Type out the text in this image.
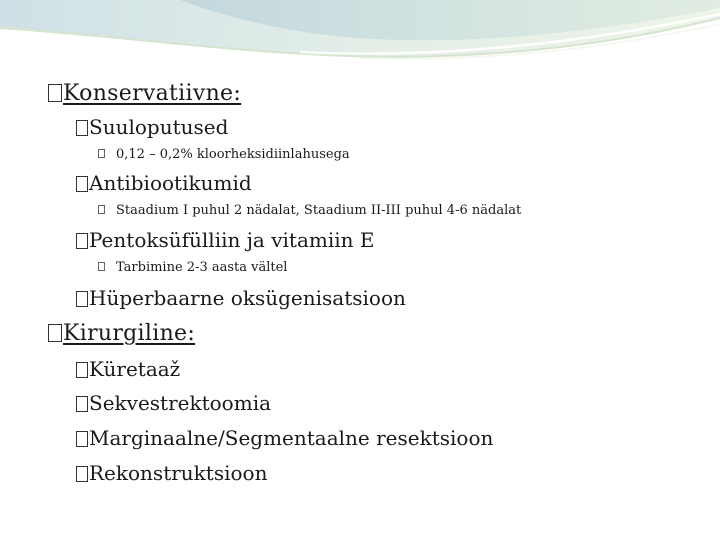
Konservatiivne:
Suuloputused
0,12 – 0,2% kloorheksidiinlahusega
Antibiootikumid
Staadium I puhul 2 nädalat, Staadium II-III puhul 4-6 nädalat
Pentoksüfülliin ja vitamiin E
Tarbimine 2-3 aasta vältel
Hüperbaarne oksügenisatsioon
Kirurgiline:
Küretaaž
Sekvestrektoomia
Marginaalne/Segmentaalne resektsioon
Rekonstruktsioon
